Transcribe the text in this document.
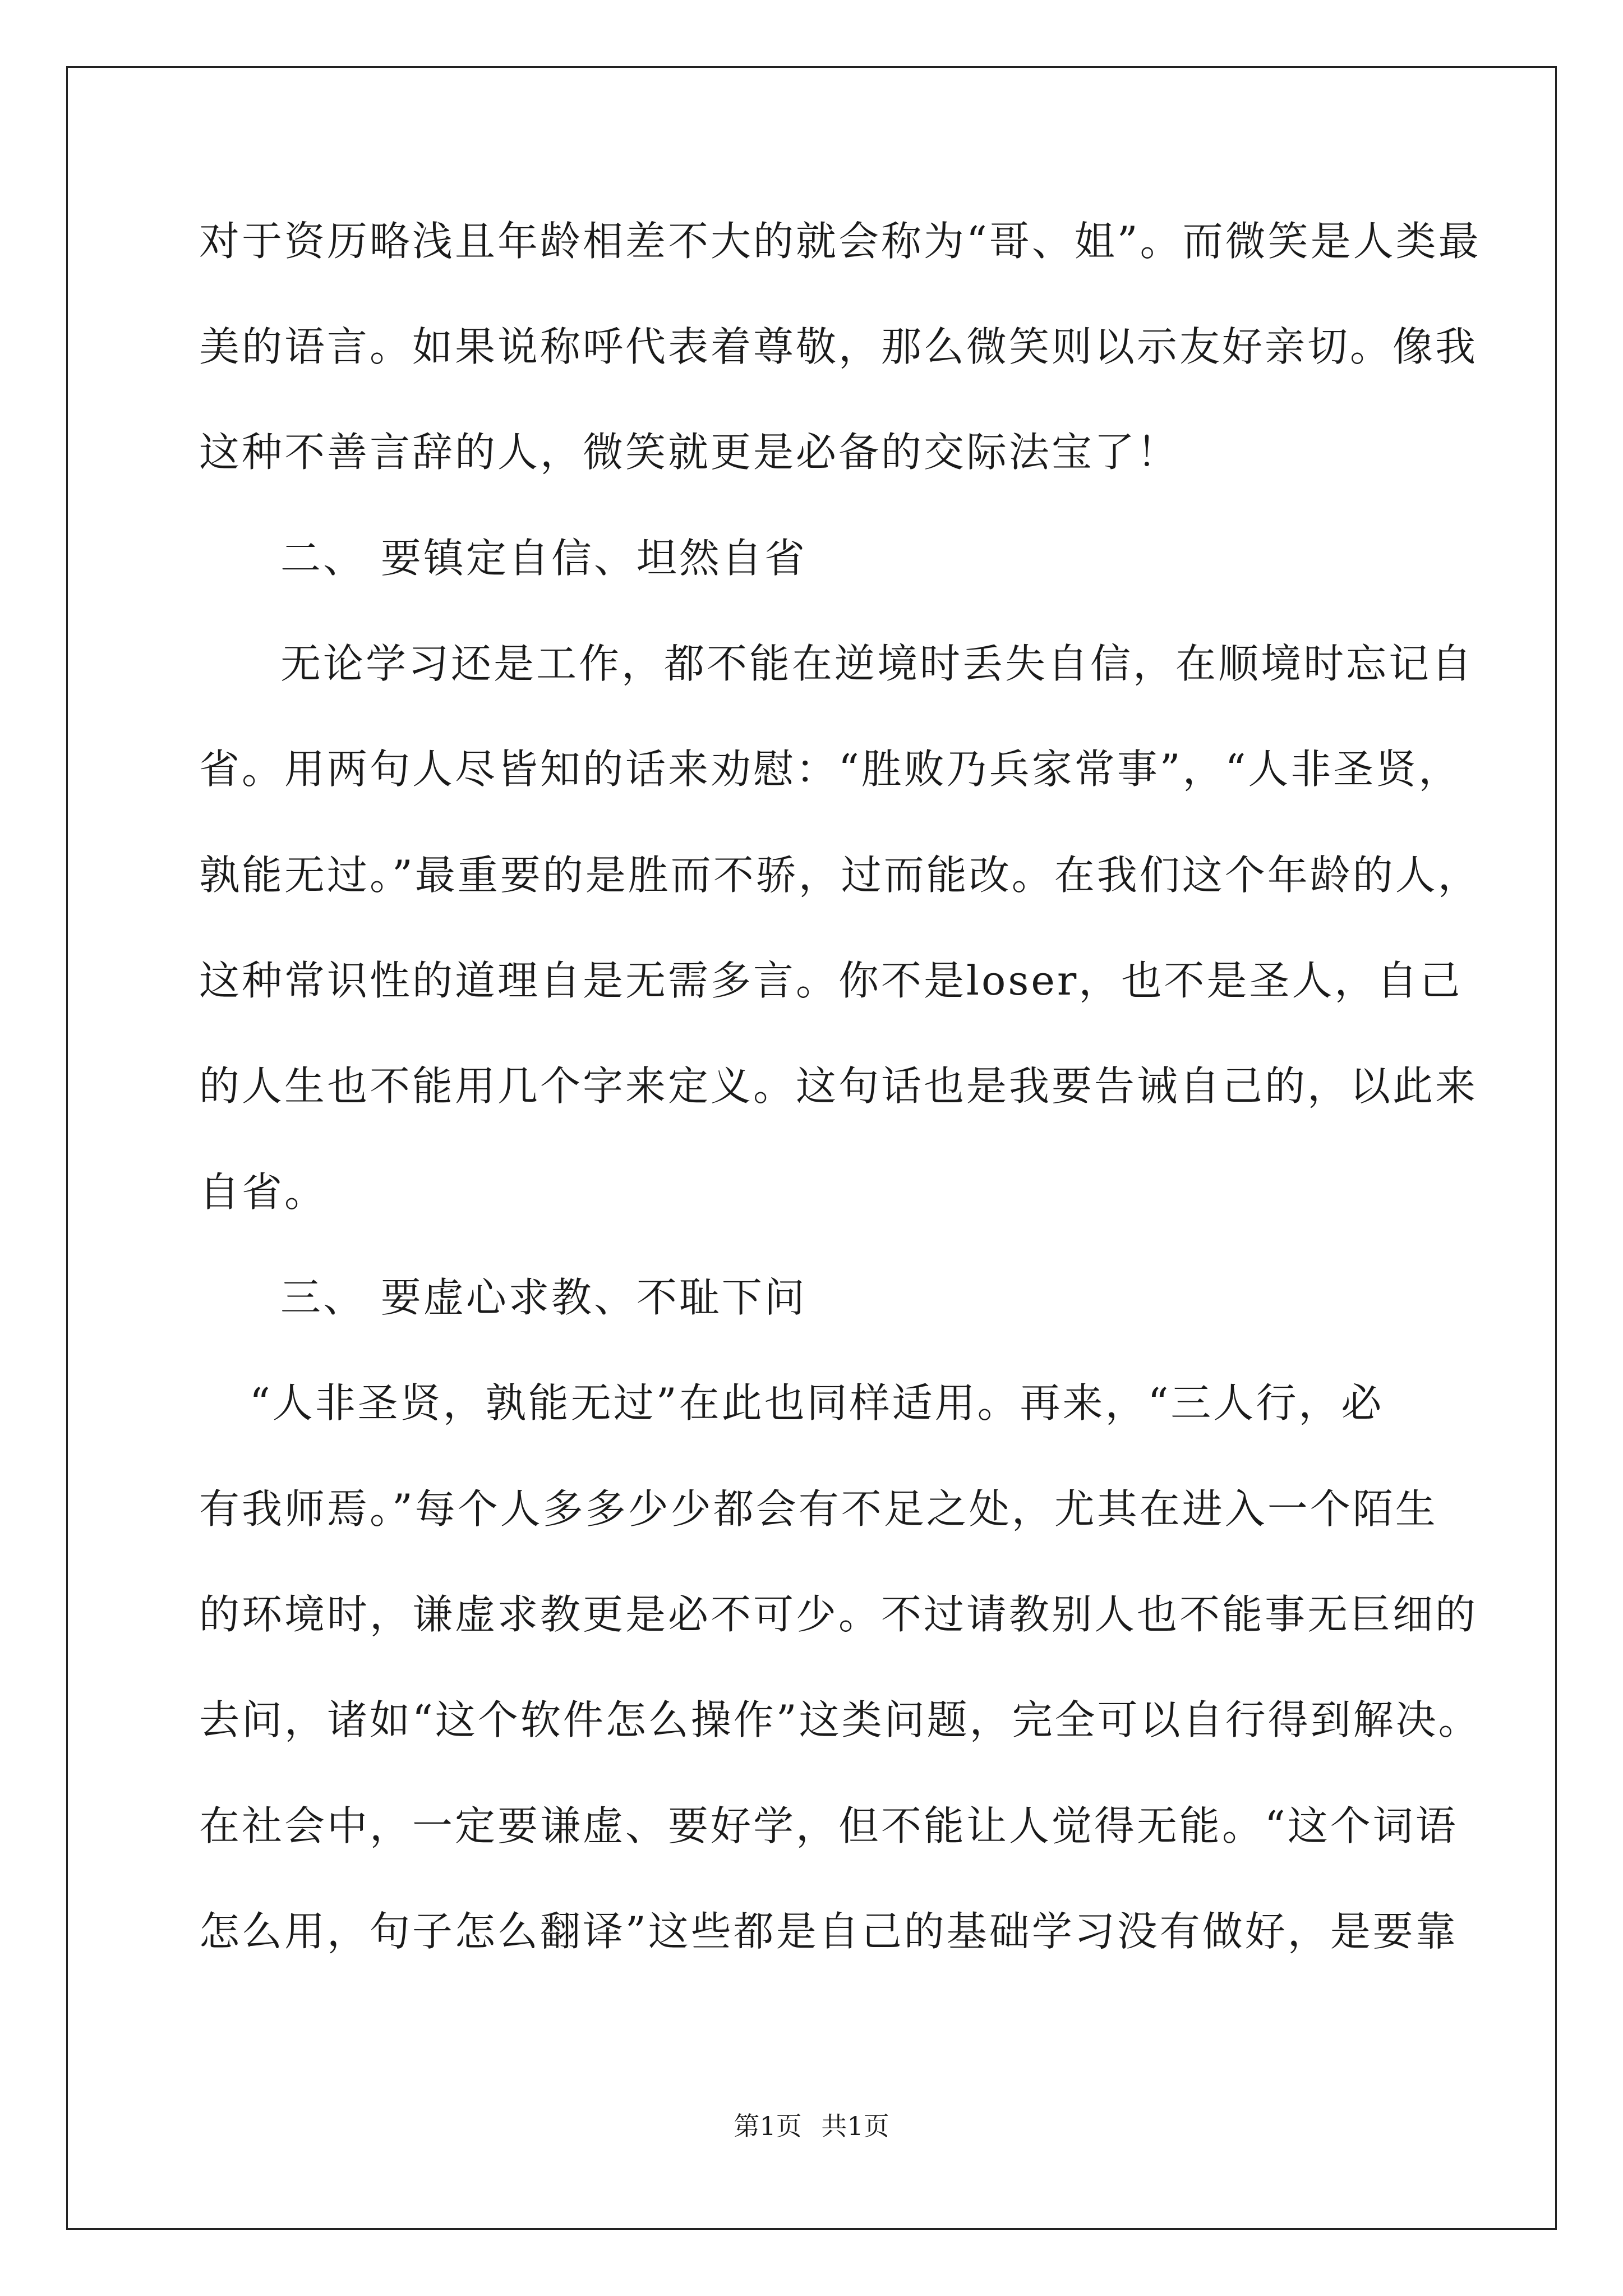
对于资历略浅且年龄相差不大的就会称为“哥、姐”。而微笑是人类最
美的语言。如果说称呼代表着尊敬，那么微笑则以示友好亲切。像我
这种不善言辞的人，微笑就更是必备的交际法宝了！
二、 要镇定自信、坦然自省
无论学习还是工作，都不能在逆境时丢失自信，在顺境时忘记自
省。用两句人尽皆知的话来劝慰：“胜败乃兵家常事”，“人非圣贤，
孰能无过。”最重要的是胜而不骄，过而能改。在我们这个年龄的人，
这种常识性的道理自是无需多言。你不是loser，也不是圣人，自己
的人生也不能用几个字来定义。这句话也是我要告诫自己的，以此来
自省。
三、 要虚心求教、不耻下问
“人非圣贤，孰能无过”在此也同样适用。再来，“三人行，必
有我师焉。”每个人多多少少都会有不足之处，尤其在进入一个陌生
的环境时，谦虚求教更是必不可少。不过请教别人也不能事无巨细的
去问，诸如“这个软件怎么操作”这类问题，完全可以自行得到解决。
在社会中，一定要谦虚、要好学，但不能让人觉得无能。“这个词语
怎么用，句子怎么翻译”这些都是自己的基础学习没有做好，是要靠
第1页 共1页
